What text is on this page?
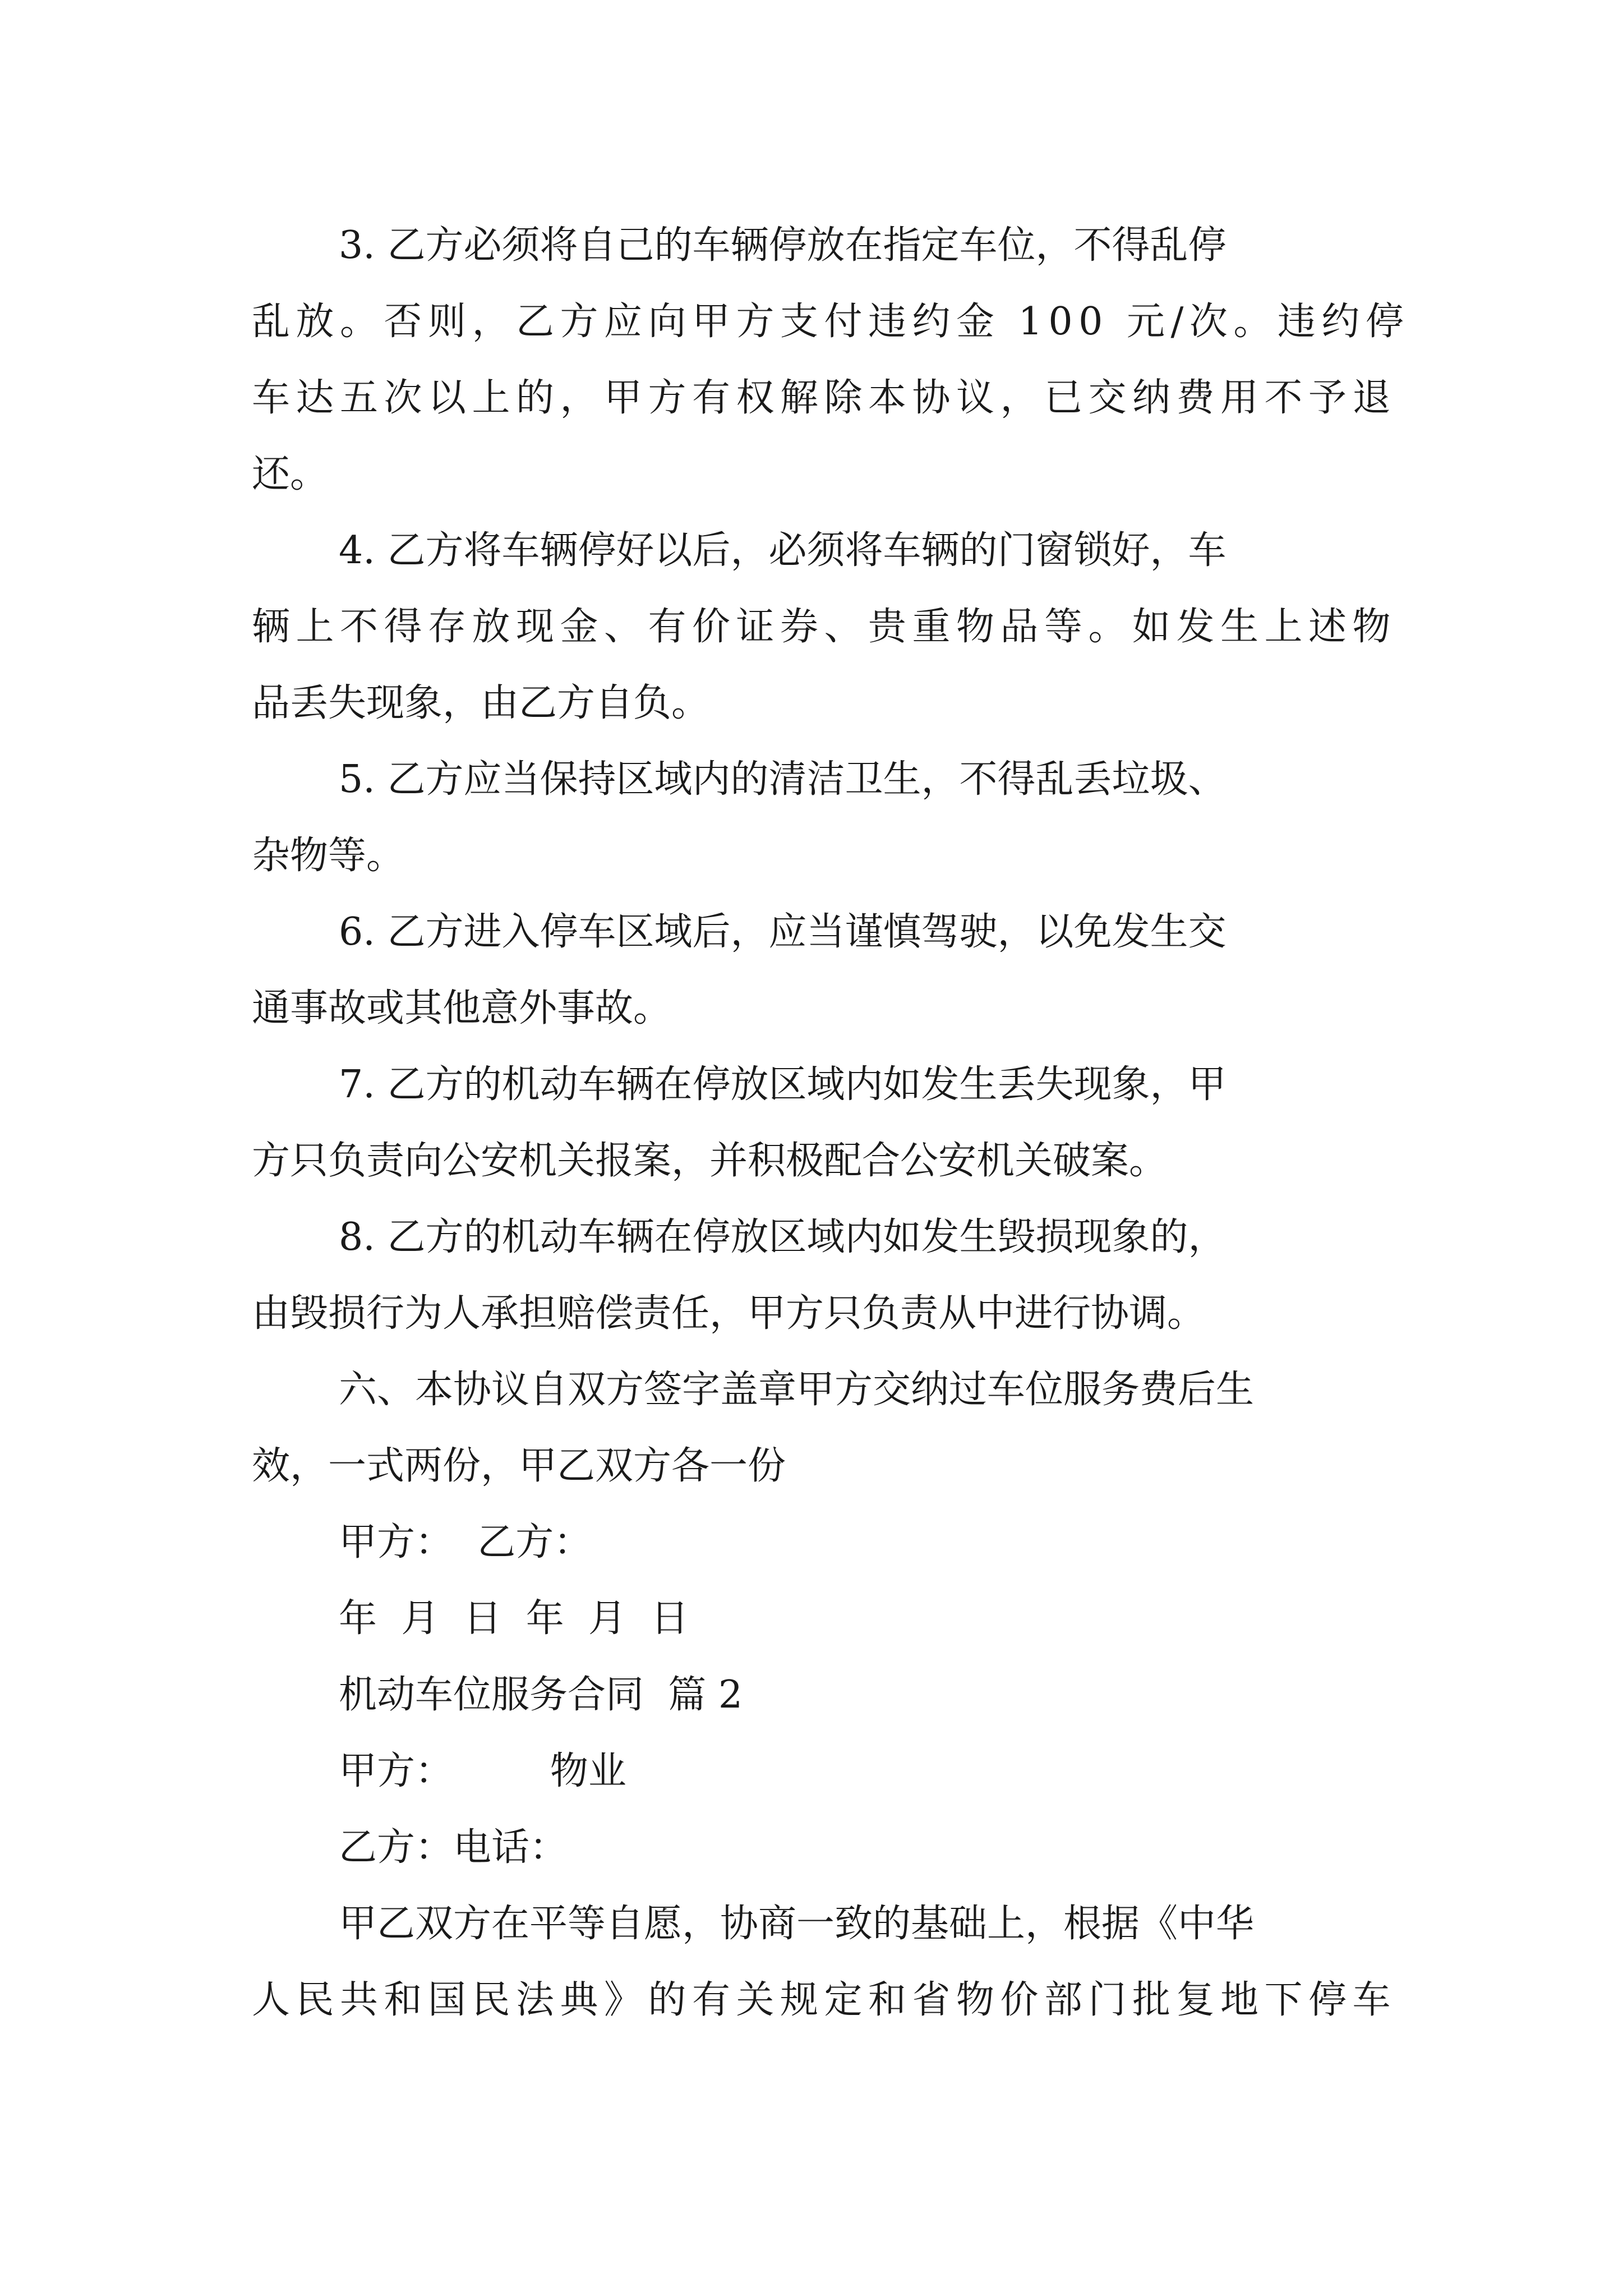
3. 乙方必须将自己的车辆停放在指定车位，不得乱停
乱放。否则，乙方应向甲方支付违约金 100 元/次。违约停
车达五次以上的，甲方有权解除本协议，已交纳费用不予退
还。
4. 乙方将车辆停好以后，必须将车辆的门窗锁好，车
辆上不得存放现金、有价证券、贵重物品等。如发生上述物
品丢失现象，由乙方自负。
5. 乙方应当保持区域内的清洁卫生，不得乱丢垃圾、
杂物等。
6. 乙方进入停车区域后，应当谨慎驾驶，以免发生交
通事故或其他意外事故。
7. 乙方的机动车辆在停放区域内如发生丢失现象，甲
方只负责向公安机关报案，并积极配合公安机关破案。
8. 乙方的机动车辆在停放区域内如发生毁损现象的，
由毁损行为人承担赔偿责任，甲方只负责从中进行协调。
六、本协议自双方签字盖章甲方交纳过车位服务费后生
效，一式两份，甲乙双方各一份
甲方：  乙方：
年  月  日  年  月  日
机动车位服务合同  篇 2
甲方：        物业
乙方：电话：
甲乙双方在平等自愿，协商一致的基础上，根据《中华
人民共和国民法典》的有关规定和省物价部门批复地下停车
